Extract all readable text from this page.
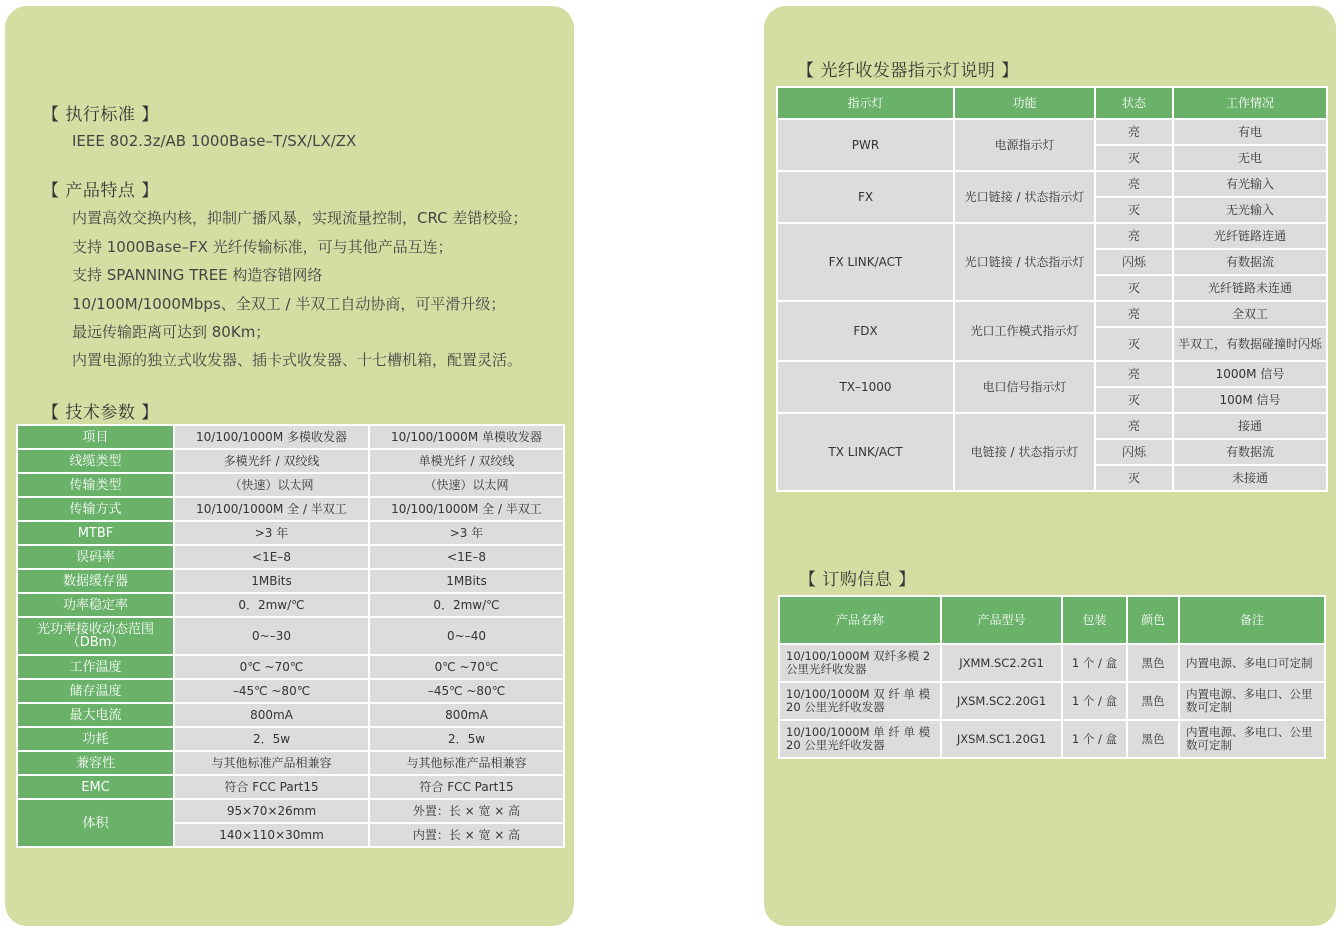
【 执行标准 】
IEEE 802.3z/AB 1000Base–T/SX/LX/ZX
【 产品特点 】
内置高效交换内核，抑制广播风暴，实现流量控制，CRC 差错校验；
支持 1000Base–FX 光纤传输标准，可与其他产品互连；
支持 SPANNING TREE 构造容错网络
10/100M/1000Mbps、全双工 / 半双工自动协商，可平滑升级；
最远传输距离可达到 80Km；
内置电源的独立式收发器、插卡式收发器、十七槽机箱，配置灵活。
【 技术参数 】
项目	10/100/1000M 多模收发器	10/100/1000M 单模收发器
线缆类型	多模光纤 / 双绞线	单模光纤 / 双绞线
传输类型	（快速）以太网	（快速）以太网
传输方式	10/100/1000M 全 / 半双工	10/100/1000M 全 / 半双工
MTBF	>3 年	>3 年
误码率	<1E–8	<1E–8
数据缓存器	1MBits	1MBits
功率稳定率	0．2mw/℃	0．2mw/℃
光功率接收动态范围（DBm）	0~–30	0~–40
工作温度	0℃ ~70℃	0℃ ~70℃
储存温度	–45℃ ~80℃	–45℃ ~80℃
最大电流	800mA	800mA
功耗	2．5w	2．5w
兼容性	与其他标准产品相兼容	与其他标准产品相兼容
EMC	符合 FCC Part15	符合 FCC Part15
体积	95×70×26mm	外置：长 × 宽 × 高
	140×110×30mm	内置：长 × 宽 × 高
【 光纤收发器指示灯说明 】
指示灯	功能	状态	工作情况
PWR	电源指示灯	亮	有电
		灭	无电
FX	光口链接 / 状态指示灯	亮	有光输入
		灭	无光输入
FX LINK/ACT	光口链接 / 状态指示灯	亮	光纤链路连通
		闪烁	有数据流
		灭	光纤链路未连通
FDX	光口工作模式指示灯	亮	全双工
		灭	半双工，有数据碰撞时闪烁
TX–1000	电口信号指示灯	亮	1000M 信号
		灭	100M 信号
TX LINK/ACT	电链接 / 状态指示灯	亮	接通
		闪烁	有数据流
		灭	未接通
【 订购信息 】
产品名称	产品型号	包装	颜色	备注
10/100/1000M 双纤多模 2 公里光纤收发器	JXMM.SC2.2G1	1 个 / 盒	黑色	内置电源、多电口可定制
10/100/1000M 双 纤 单 模 20 公里光纤收发器	JXSM.SC2.20G1	1 个 / 盒	黑色	内置电源、多电口、公里数可定制
10/100/1000M 单 纤 单 模 20 公里光纤收发器	JXSM.SC1.20G1	1 个 / 盒	黑色	内置电源、多电口、公里数可定制
